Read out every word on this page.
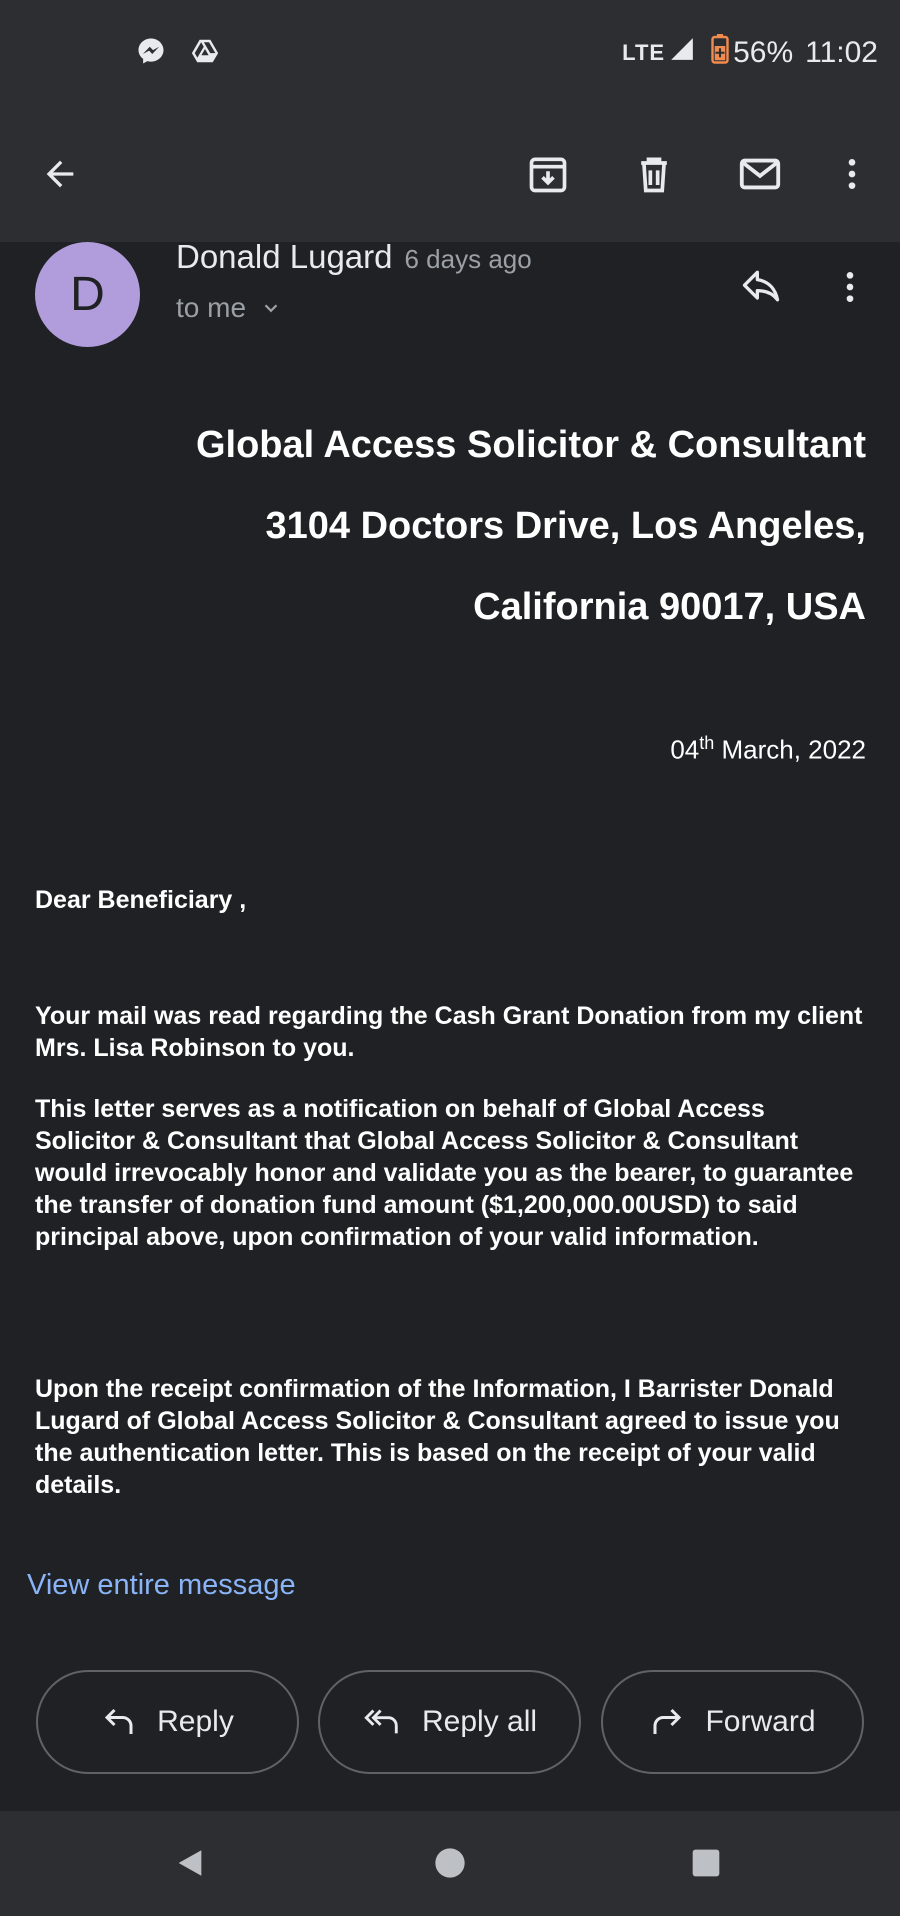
LTE 56% 11:02
D
Donald Lugard 6 days ago
to me
Global Access Solicitor & Consultant
3104 Doctors Drive, Los Angeles,
California 90017, USA
04th March, 2022
Dear Beneficiary ,
Your mail was read regarding the Cash Grant Donation from my client Mrs. Lisa Robinson to you.
This letter serves as a notification on behalf of Global Access Solicitor & Consultant that Global Access Solicitor & Consultant would irrevocably honor and validate you as the bearer, to guarantee the transfer of donation fund amount ($1,200,000.00USD) to said principal above, upon confirmation of your valid information.
Upon the receipt confirmation of the Information, I Barrister Donald Lugard of Global Access Solicitor & Consultant agreed to issue you the authentication letter. This is based on the receipt of your valid details.
View entire message
Reply	Reply all	Forward
